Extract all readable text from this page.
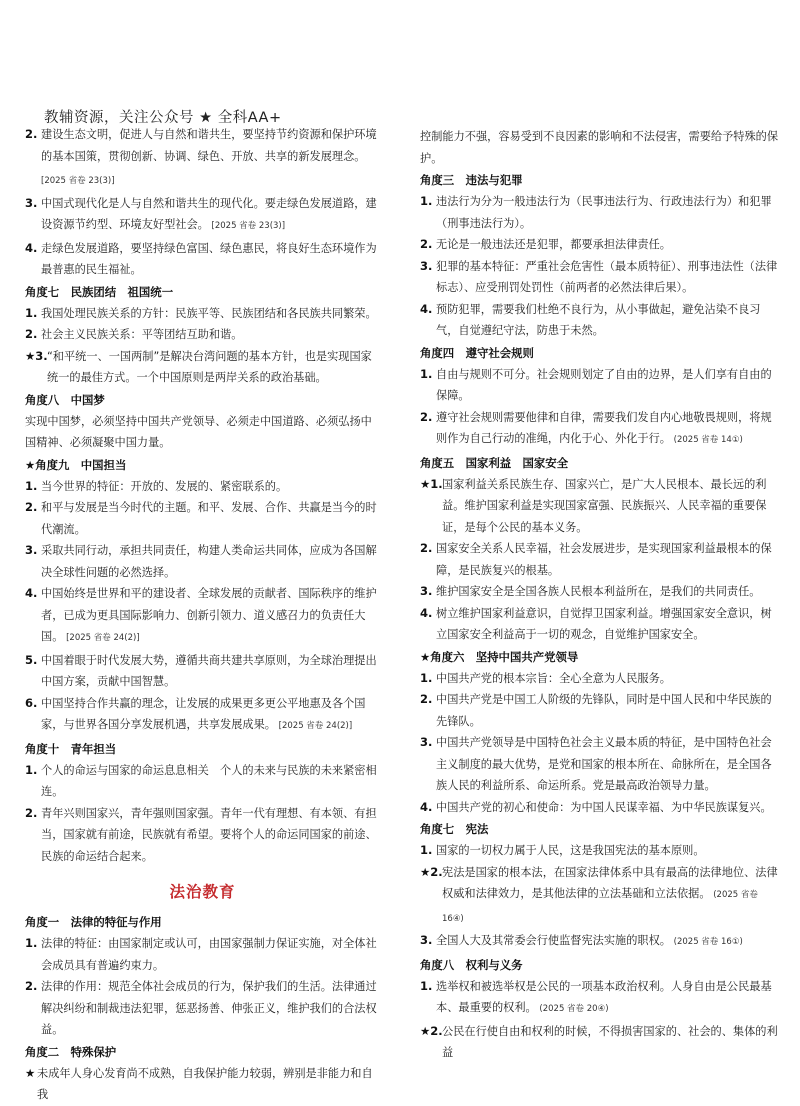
教辅资源，关注公众号 ★ 全科AA+
2. 建设生态文明，促进人与自然和谐共生，要坚持节约资源和保护环境的基本国策，贯彻创新、协调、绿色、开放、共享的新发展理念。 [2025 省卷 23(3)]
3. 中国式现代化是人与自然和谐共生的现代化。要走绿色发展道路，建设资源节约型、环境友好型社会。 [2025 省卷 23(3)]
4. 走绿色发展道路，要坚持绿色富国、绿色惠民，将良好生态环境作为最普惠的民生福祉。
角度七　民族团结　祖国统一
1. 我国处理民族关系的方针：民族平等、民族团结和各民族共同繁荣。
2. 社会主义民族关系：平等团结互助和谐。
★3. “和平统一、一国两制”是解决台湾问题的基本方针，也是实现国家统一的最佳方式。一个中国原则是两岸关系的政治基础。
角度八　中国梦
实现中国梦，必须坚持中国共产党领导、必须走中国道路、必须弘扬中国精神、必须凝聚中国力量。
★角度九　中国担当
1. 当今世界的特征：开放的、发展的、紧密联系的。
2. 和平与发展是当今时代的主题。和平、发展、合作、共赢是当今的时代潮流。
3. 采取共同行动，承担共同责任，构建人类命运共同体，应成为各国解决全球性问题的必然选择。
4. 中国始终是世界和平的建设者、全球发展的贡献者、国际秩序的维护者，已成为更具国际影响力、创新引领力、道义感召力的负责任大国。 [2025 省卷 24(2)]
5. 中国着眼于时代发展大势，遵循共商共建共享原则，为全球治理提出中国方案，贡献中国智慧。
6. 中国坚持合作共赢的理念，让发展的成果更多更公平地惠及各个国家，与世界各国分享发展机遇，共享发展成果。 [2025 省卷 24(2)]
角度十　青年担当
1. 个人的命运与国家的命运息息相关　个人的未来与民族的未来紧密相连。
2. 青年兴则国家兴，青年强则国家强。青年一代有理想、有本领、有担当，国家就有前途，民族就有希望。要将个人的命运同国家的前途、民族的命运结合起来。
法治教育
角度一　法律的特征与作用
1. 法律的特征：由国家制定或认可，由国家强制力保证实施，对全体社会成员具有普遍约束力。
2. 法律的作用：规范全体社会成员的行为，保护我们的生活。法律通过解决纠纷和制裁违法犯罪，惩恶扬善、伸张正义，维护我们的合法权益。
角度二　特殊保护
★ 未成年人身心发育尚不成熟，自我保护能力较弱，辨别是非能力和自我
控制能力不强，容易受到不良因素的影响和不法侵害，需要给予特殊的保护。
角度三　违法与犯罪
1. 违法行为分为一般违法行为（民事违法行为、行政违法行为）和犯罪（刑事违法行为）。
2. 无论是一般违法还是犯罪，都要承担法律责任。
3. 犯罪的基本特征：严重社会危害性（最本质特征）、刑事违法性（法律标志）、应受刑罚处罚性（前两者的必然法律后果）。
4. 预防犯罪，需要我们杜绝不良行为，从小事做起，避免沾染不良习气，自觉遵纪守法，防患于未然。
角度四　遵守社会规则
1. 自由与规则不可分。社会规则划定了自由的边界，是人们享有自由的保障。
2. 遵守社会规则需要他律和自律，需要我们发自内心地敬畏规则，将规则作为自己行动的准绳，内化于心、外化于行。 (2025 省卷 14①)
角度五　国家利益　国家安全
★1. 国家利益关系民族生存、国家兴亡，是广大人民根本、最长远的利益。维护国家利益是实现国家富强、民族振兴、人民幸福的重要保证，是每个公民的基本义务。
2. 国家安全关系人民幸福，社会发展进步，是实现国家利益最根本的保障，是民族复兴的根基。
3. 维护国家安全是全国各族人民根本利益所在，是我们的共同责任。
4. 树立维护国家利益意识，自觉捍卫国家利益。增强国家安全意识，树立国家安全利益高于一切的观念，自觉维护国家安全。
★角度六　坚持中国共产党领导
1. 中国共产党的根本宗旨：全心全意为人民服务。
2. 中国共产党是中国工人阶级的先锋队，同时是中国人民和中华民族的先锋队。
3. 中国共产党领导是中国特色社会主义最本质的特征，是中国特色社会主义制度的最大优势，是党和国家的根本所在、命脉所在，是全国各族人民的利益所系、命运所系。党是最高政治领导力量。
4. 中国共产党的初心和使命：为中国人民谋幸福、为中华民族谋复兴。
角度七　宪法
1. 国家的一切权力属于人民，这是我国宪法的基本原则。
★2. 宪法是国家的根本法，在国家法律体系中具有最高的法律地位、法律权威和法律效力，是其他法律的立法基础和立法依据。 (2025 省卷 16④)
3. 全国人大及其常委会行使监督宪法实施的职权。 (2025 省卷 16①)
角度八　权利与义务
1. 选举权和被选举权是公民的一项基本政治权利。人身自由是公民最基本、最重要的权利。 (2025 省卷 20④)
★2. 公民在行使自由和权利的时候，不得损害国家的、社会的、集体的利益
